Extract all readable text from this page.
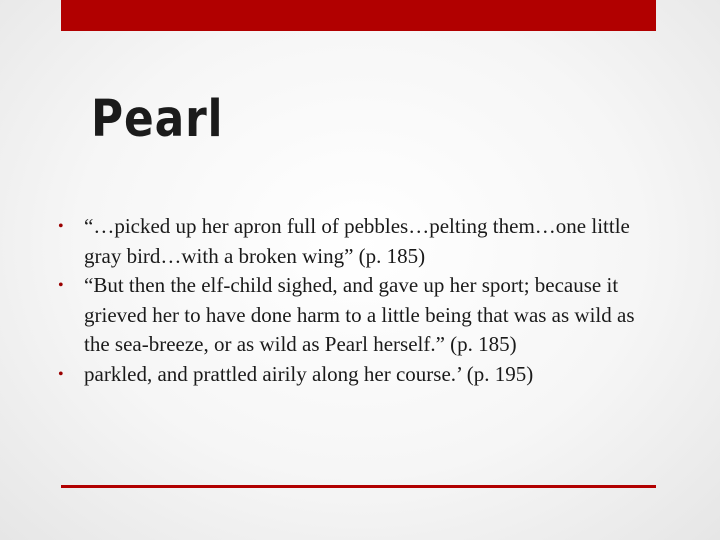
Pearl
• “…picked up her apron full of pebbles…pelting them…one little gray bird…with a broken wing” (p. 185)
• “But then the elf-child sighed, and gave up her sport; because it grieved her to have done harm to a little being that was as wild as the sea-breeze, or as wild as Pearl herself.” (p. 185)
• parkled, and prattled airily along her course.’ (p. 195)
